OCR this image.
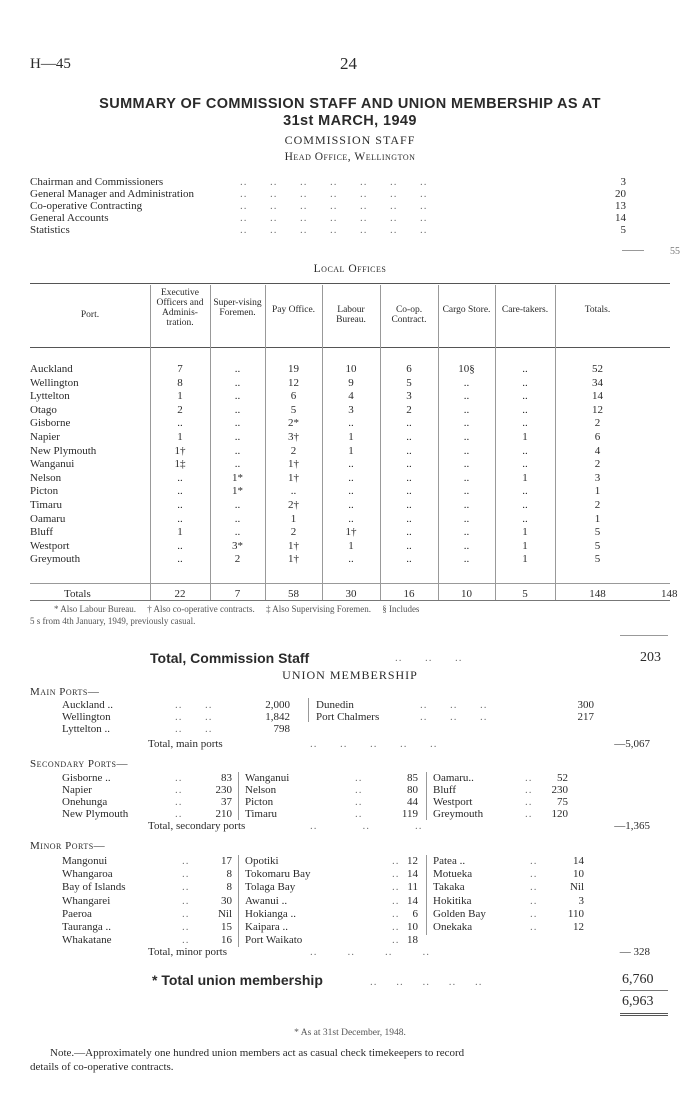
H—45	24
SUMMARY OF COMMISSION STAFF AND UNION MEMBERSHIP AS AT
31st MARCH, 1949
COMMISSION STAFF
Head Office, Wellington
Chairman and Commissioners	..      ..      ..      ..      ..      ..      ..	3
General Manager and Administration	..      ..      ..      ..      ..      ..      ..	20
Co-operative Contracting	..      ..      ..      ..      ..      ..      ..	13
General Accounts	..      ..      ..      ..      ..      ..      ..	14
Statistics	..      ..      ..      ..      ..      ..      ..	5
55
Local Offices
Port.
Executive Officers and Adminis-tration.
Super-vising Foremen.	Pay Office.	Labour Bureau.
Co-op. Contract.
Cargo Store.	Care-takers.	Totals.
Auckland	7	..	19	10	6	10§	..	52
Wellington	8	..	12	9	5	..	..	34
Lyttelton	1	..	6	4	3	..	..	14
Otago	2	..	5	3	2	..	..	12
Gisborne	..	..	2*	..	..	..	..	2
Napier	1	..	3†	1	..	..	1	6
New Plymouth	1†	..	2	1	..	..	..	4
Wanganui	1‡	..	1†	..	..	..	..	2
Nelson	..	1*	1†	..	..	..	1	3
Picton	..	1*	..	..	..	..	..	1
Timaru	..	..	2†	..	..	..	..	2
Oamaru	..	..	1	..	..	..	..	1
Bluff	1	..	2	1†	..	..	1	5
Westport	..	3*	1†	1	..	..	1	5
Greymouth	..	2	1†	..	..	..	1	5
Totals	22	7	58	30	16	10	5	148	148
* Also Labour Bureau.     † Also co-operative contracts.     ‡ Also Supervising Foremen.     § Includes
5 s from 4th January, 1949, previously casual.
Total, Commission Staff	..      ..      ..	203
UNION MEMBERSHIP
Main Ports—
Auckland ..	..      ..	2,000
Wellington	..      ..	1,842
Lyttelton ..	..      ..	798
Dunedin	..      ..      ..	300
Port Chalmers	..      ..      ..	217
Total, main ports	..      ..      ..      ..      ..	—5,067
Secondary Ports—
Gisborne ..	..	83
Napier	..	230
Onehunga	..	37
New Plymouth	..	210
Wanganui	..	85
Nelson	..	80
Picton	..	44
Timaru	..	119
Oamaru..	..	52
Bluff	..	230
Westport	..	75
Greymouth	..	120
Total, secondary ports	..            ..            ..	—1,365
Minor Ports—
Mangonui	..	17
Whangaroa	..	8
Bay of Islands	..	8
Whangarei	..	30
Paeroa	..	Nil
Tauranga ..	..	15
Whakatane	..	16
Opotiki	.. 12
Tokomaru Bay	.. 14
Tolaga Bay	.. 11
Awanui ..	.. 14
Hokianga ..	..	6
Kaipara ..	.. 10
Port Waikato	.. 18
Patea ..	..	14
Motueka	..	10
Takaka	..	Nil
Hokitika	..	3
Golden Bay	..	110
Onekaka	..	12
Total, minor ports	..        ..        ..        ..	— 328
* Total union membership	..     ..     ..     ..     ..	6,760
6,963
* As at 31st December, 1948.
Note.—Approximately one hundred union members act as casual check timekeepers to record
details of co-operative contracts.
